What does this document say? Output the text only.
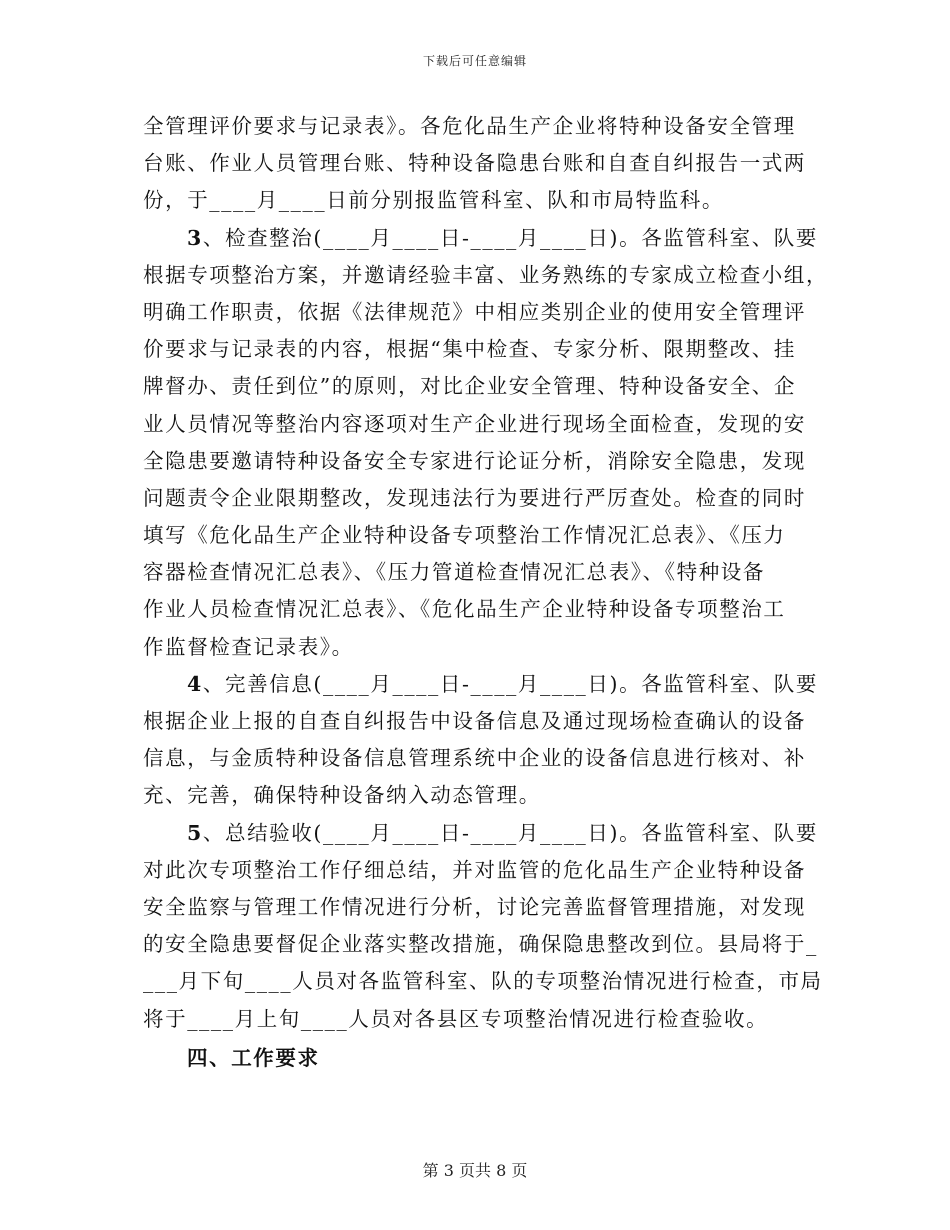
下载后可任意编辑
全管理评价要求与记录表》。各危化品生产企业将特种设备安全管理
台账、作业人员管理台账、特种设备隐患台账和自查自纠报告一式两
份，于____月____日前分别报监管科室、队和市局特监科。
3、检查整治(____月____日-____月____日)。各监管科室、队要
根据专项整治方案，并邀请经验丰富、业务熟练的专家成立检查小组，
明确工作职责，依据《法律规范》中相应类别企业的使用安全管理评
价要求与记录表的内容，根据“集中检查、专家分析、限期整改、挂
牌督办、责任到位”的原则，对比企业安全管理、特种设备安全、企
业人员情况等整治内容逐项对生产企业进行现场全面检查，发现的安
全隐患要邀请特种设备安全专家进行论证分析，消除安全隐患，发现
问题责令企业限期整改，发现违法行为要进行严厉查处。检查的同时
填写《危化品生产企业特种设备专项整治工作情况汇总表》、《压力
容器检查情况汇总表》、《压力管道检查情况汇总表》、《特种设备
作业人员检查情况汇总表》、《危化品生产企业特种设备专项整治工
作监督检查记录表》。
4、完善信息(____月____日-____月____日)。各监管科室、队要
根据企业上报的自查自纠报告中设备信息及通过现场检查确认的设备
信息，与金质特种设备信息管理系统中企业的设备信息进行核对、补
充、完善，确保特种设备纳入动态管理。
5、总结验收(____月____日-____月____日)。各监管科室、队要
对此次专项整治工作仔细总结，并对监管的危化品生产企业特种设备
安全监察与管理工作情况进行分析，讨论完善监督管理措施，对发现
的安全隐患要督促企业落实整改措施，确保隐患整改到位。县局将于_
___月下旬____人员对各监管科室、队的专项整治情况进行检查，市局
将于____月上旬____人员对各县区专项整治情况进行检查验收。
四、工作要求
第 3 页共 8 页
